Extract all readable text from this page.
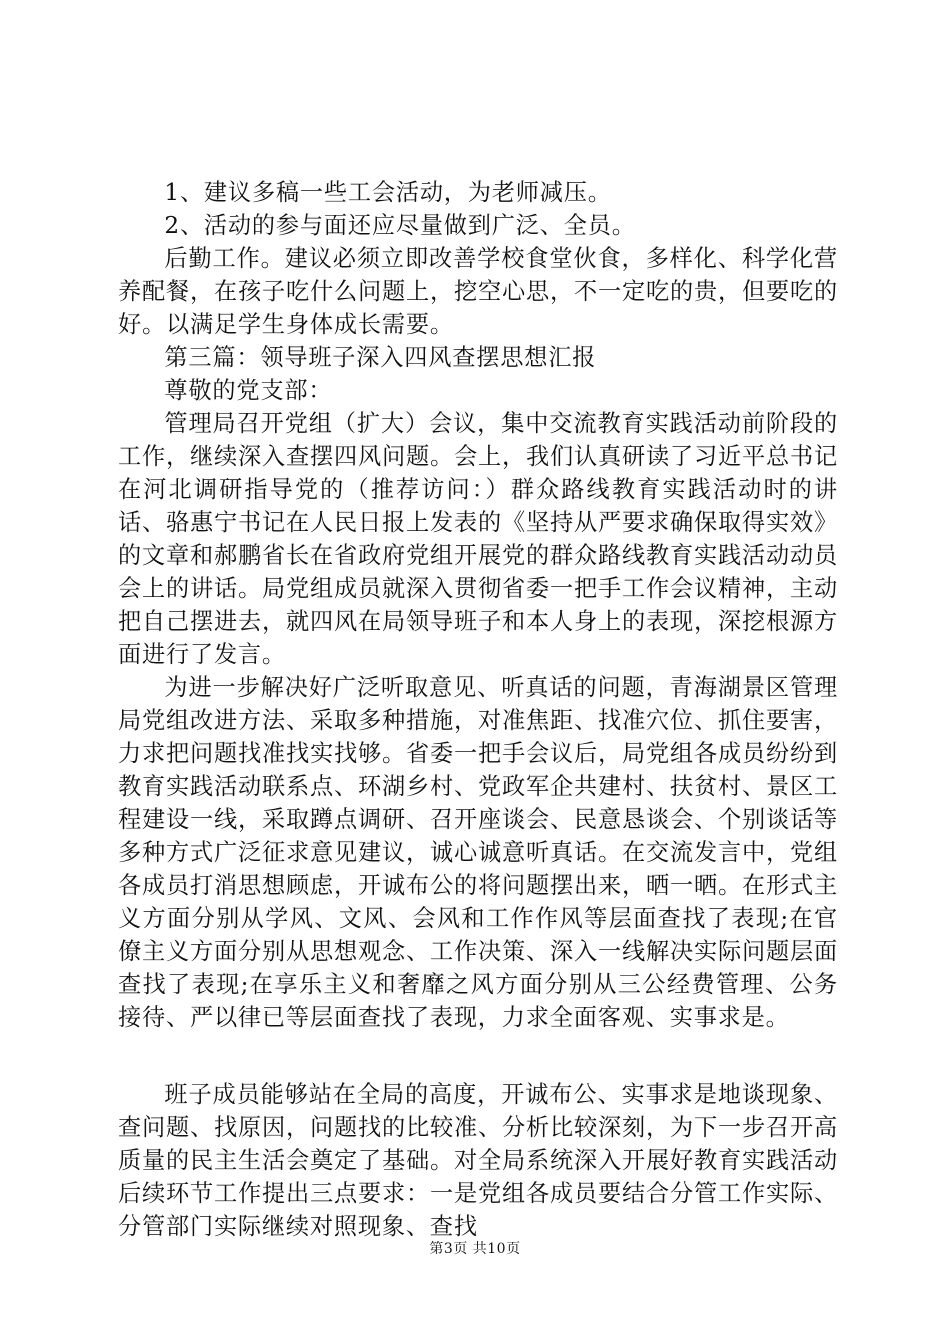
1、建议多稿一些工会活动，为老师减压。

2、活动的参与面还应尽量做到广泛、全员。

后勤工作。建议必须立即改善学校食堂伙食，多样化、科学化营养配餐，在孩子吃什么问题上，挖空心思，不一定吃的贵，但要吃的好。以满足学生身体成长需要。

第三篇：领导班子深入四风查摆思想汇报

尊敬的党支部：

管理局召开党组（扩大）会议，集中交流教育实践活动前阶段的工作，继续深入查摆四风问题。会上，我们认真研读了习近平总书记在河北调研指导党的（推荐访问：）群众路线教育实践活动时的讲话、骆惠宁书记在人民日报上发表的《坚持从严要求确保取得实效》的文章和郝鹏省长在省政府党组开展党的群众路线教育实践活动动员会上的讲话。局党组成员就深入贯彻省委一把手工作会议精神，主动把自己摆进去，就四风在局领导班子和本人身上的表现，深挖根源方面进行了发言。

为进一步解决好广泛听取意见、听真话的问题，青海湖景区管理局党组改进方法、采取多种措施，对准焦距、找准穴位、抓住要害，力求把问题找准找实找够。省委一把手会议后，局党组各成员纷纷到教育实践活动联系点、环湖乡村、党政军企共建村、扶贫村、景区工程建设一线，采取蹲点调研、召开座谈会、民意恳谈会、个别谈话等多种方式广泛征求意见建议，诚心诚意听真话。在交流发言中，党组各成员打消思想顾虑，开诚布公的将问题摆出来，晒一晒。在形式主义方面分别从学风、文风、会风和工作作风等层面查找了表现;在官僚主义方面分别从思想观念、工作决策、深入一线解决实际问题层面查找了表现;在享乐主义和奢靡之风方面分别从三公经费管理、公务接待、严以律已等层面查找了表现，力求全面客观、实事求是。

班子成员能够站在全局的高度，开诚布公、实事求是地谈现象、查问题、找原因，问题找的比较准、分析比较深刻，为下一步召开高质量的民主生活会奠定了基础。对全局系统深入开展好教育实践活动后续环节工作提出三点要求：一是党组各成员要结合分管工作实际、分管部门实际继续对照现象、查找

第3页 共10页
